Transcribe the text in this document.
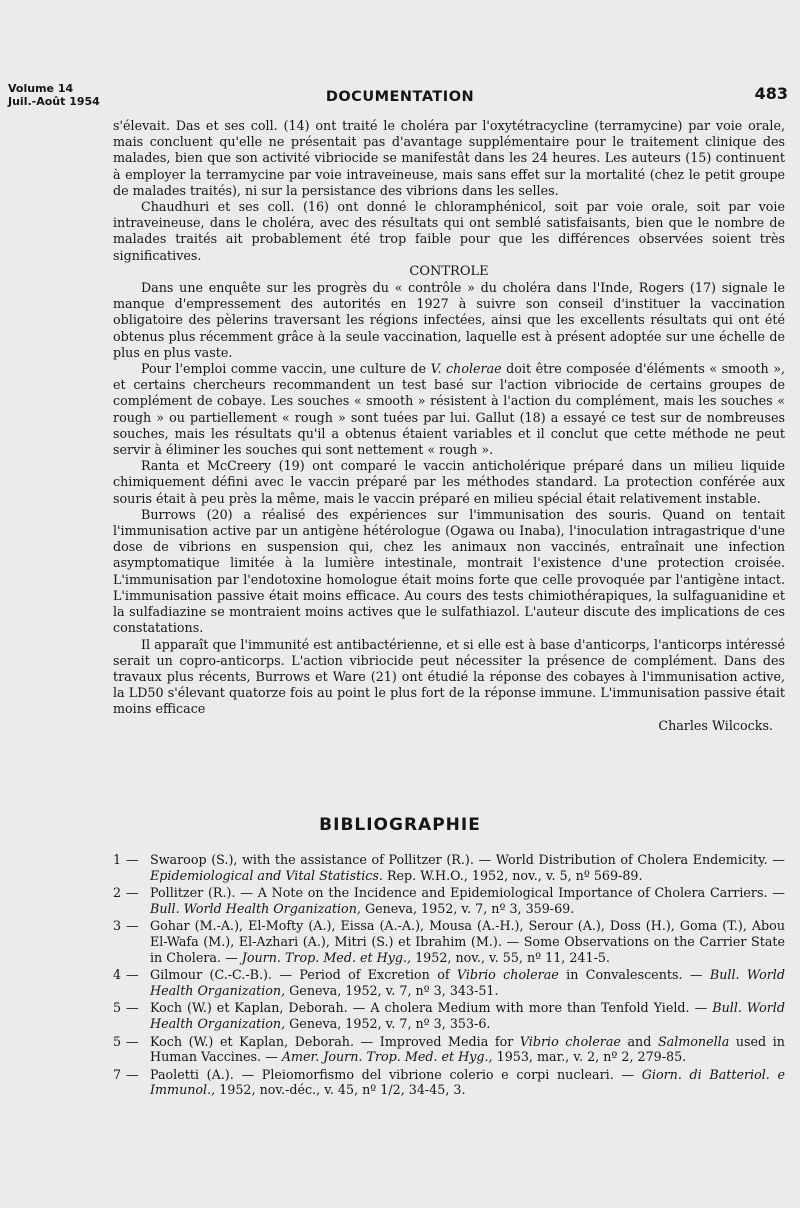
Volume 14
Juil.-Août 1954	DOCUMENTATION	483

s'élevait. Das et ses coll. (14) ont traité le choléra par l'oxytétracycline (terramycine) par voie orale, mais concluent qu'elle ne présentait pas d'avantage supplémentaire pour le traitement clinique des malades, bien que son activité vibriocide se manifestât dans les 24 heures. Les auteurs (15) continuent à employer la terramycine par voie intraveineuse, mais sans effet sur la mortalité (chez le petit groupe de malades traités), ni sur la persistance des vibrions dans les selles.

Chaudhuri et ses coll. (16) ont donné le chloramphénicol, soit par voie orale, soit par voie intraveineuse, dans le choléra, avec des résultats qui ont semblé satisfaisants, bien que le nombre de malades traités ait probablement été trop faible pour que les différences observées soient très significatives.

CONTROLE

Dans une enquête sur les progrès du « contrôle » du choléra dans l'Inde, Rogers (17) signale le manque d'empressement des autorités en 1927 à suivre son conseil d'instituer la vaccination obligatoire des pèlerins traversant les régions infectées, ainsi que les excellents résultats qui ont été obtenus plus récemment grâce à la seule vaccination, laquelle est à présent adoptée sur une échelle de plus en plus vaste.

Pour l'emploi comme vaccin, une culture de V. cholerae doit être composée d'éléments « smooth », et certains chercheurs recommandent un test basé sur l'action vibriocide de certains groupes de complément de cobaye. Les souches « smooth » résistent à l'action du complément, mais les souches « rough » ou partiellement « rough » sont tuées par lui. Gallut (18) a essayé ce test sur de nombreuses souches, mais les résultats qu'il a obtenus étaient variables et il conclut que cette méthode ne peut servir à éliminer les souches qui sont nettement « rough ».

Ranta et McCreery (19) ont comparé le vaccin anticholérique préparé dans un milieu liquide chimiquement défini avec le vaccin préparé par les méthodes standard. La protection conférée aux souris était à peu près la même, mais le vaccin préparé en milieu spécial était relativement instable.

Burrows (20) a réalisé des expériences sur l'immunisation des souris. Quand on tentait l'immunisation active par un antigène hétérologue (Ogawa ou Inaba), l'inoculation intragastrique d'une dose de vibrions en suspension qui, chez les animaux non vaccinés, entraînait une infection asymptomatique limitée à la lumière intestinale, montrait l'existence d'une protection croisée. L'immunisation par l'endotoxine homologue était moins forte que celle provoquée par l'antigène intact. L'immunisation passive était moins efficace. Au cours des tests chimiothérapiques, la sulfaguanidine et la sulfadiazine se montraient moins actives que le sulfathiazol. L'auteur discute des implications de ces constatations.

Il apparaît que l'immunité est antibactérienne, et si elle est à base d'anticorps, l'anticorps intéressé serait un copro-anticorps. L'action vibriocide peut nécessiter la présence de complément. Dans des travaux plus récents, Burrows et Ware (21) ont étudié la réponse des cobayes à l'immunisation active, la LD50 s'élevant quatorze fois au point le plus fort de la réponse immune. L'immunisation passive était moins efficace

Charles Wilcocks.

BIBLIOGRAPHIE
1 — Swaroop (S.), with the assistance of Pollitzer (R.). — World Distribution of Cholera Endemicity. — Epidemiological and Vital Statistics. Rep. W.H.O., 1952, nov., v. 5, nº 569-89.
2 — Pollitzer (R.). — A Note on the Incidence and Epidemiological Importance of Cholera Carriers. — Bull. World Health Organization, Geneva, 1952, v. 7, nº 3, 359-69.
3 — Gohar (M.-A.), El-Mofty (A.), Eissa (A.-A.), Mousa (A.-H.), Serour (A.), Doss (H.), Goma (T.), Abou El-Wafa (M.), El-Azhari (A.), Mitri (S.) et Ibrahim (M.). — Some Observations on the Carrier State in Cholera. — Journ. Trop. Med. et Hyg., 1952, nov., v. 55, nº 11, 241-5.
4 — Gilmour (C.-C.-B.). — Period of Excretion of Vibrio cholerae in Convalescents. — Bull. World Health Organization, Geneva, 1952, v. 7, nº 3, 343-51.
5 — Koch (W.) et Kaplan, Deborah. — A cholera Medium with more than Tenfold Yield. — Bull. World Health Organization, Geneva, 1952, v. 7, nº 3, 353-6.
5 — Koch (W.) et Kaplan, Deborah. — Improved Media for Vibrio cholerae and Salmonella used in Human Vaccines. — Amer. Journ. Trop. Med. et Hyg., 1953, mar., v. 2, nº 2, 279-85.
7 — Paoletti (A.). — Pleiomorfismo del vibrione colerio e corpi nucleari. — Giorn. di Batteriol. e Immunol., 1952, nov.-déc., v. 45, nº 1/2, 34-45, 3.
